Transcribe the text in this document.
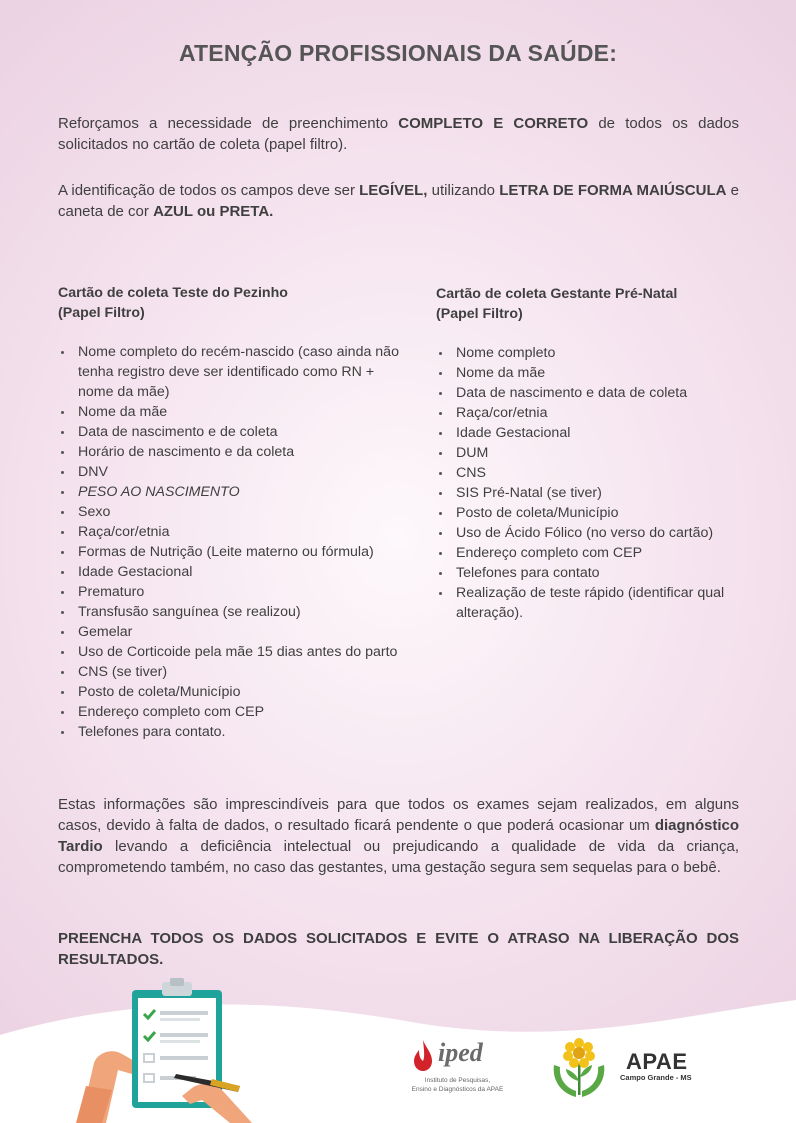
ATENÇÃO PROFISSIONAIS DA SAÚDE:
Reforçamos a necessidade de preenchimento COMPLETO E CORRETO de todos os dados solicitados no cartão de coleta (papel filtro).
A identificação de todos os campos deve ser LEGÍVEL, utilizando LETRA DE FORMA MAIÚSCULA e caneta de cor AZUL ou PRETA.
Cartão de coleta Teste do Pezinho
(Papel Filtro)
Nome completo do recém-nascido (caso ainda não tenha registro deve ser identificado como RN + nome da mãe)
Nome da mãe
Data de nascimento e de coleta
Horário de nascimento e da coleta
DNV
PESO AO NASCIMENTO
Sexo
Raça/cor/etnia
Formas de Nutrição (Leite materno ou fórmula)
Idade Gestacional
Prematuro
Transfusão sanguínea (se realizou)
Gemelar
Uso de Corticoide pela mãe 15 dias antes do parto
CNS (se tiver)
Posto de coleta/Município
Endereço completo com CEP
Telefones para contato.
Cartão de coleta Gestante Pré-Natal
(Papel Filtro)
Nome completo
Nome da mãe
Data de nascimento e data de coleta
Raça/cor/etnia
Idade Gestacional
DUM
CNS
SIS Pré-Natal (se tiver)
Posto de coleta/Município
Uso de Ácido Fólico (no verso do cartão)
Endereço completo com CEP
Telefones para contato
Realização de teste rápido (identificar qual alteração).
Estas informações são imprescindíveis para que todos os exames sejam realizados, em alguns casos, devido à falta de dados, o resultado ficará pendente o que poderá ocasionar um diagnóstico Tardio levando a deficiência intelectual ou prejudicando a qualidade de vida da criança, comprometendo também, no caso das gestantes, uma gestação segura sem sequelas para o bebê.
PREENCHA TODOS OS DADOS SOLICITADOS E EVITE O ATRASO NA LIBERAÇÃO DOS RESULTADOS.
iped
Instituto de Pesquisas,
Ensino e Diagnósticos da APAE
APAE
Campo Grande - MS
